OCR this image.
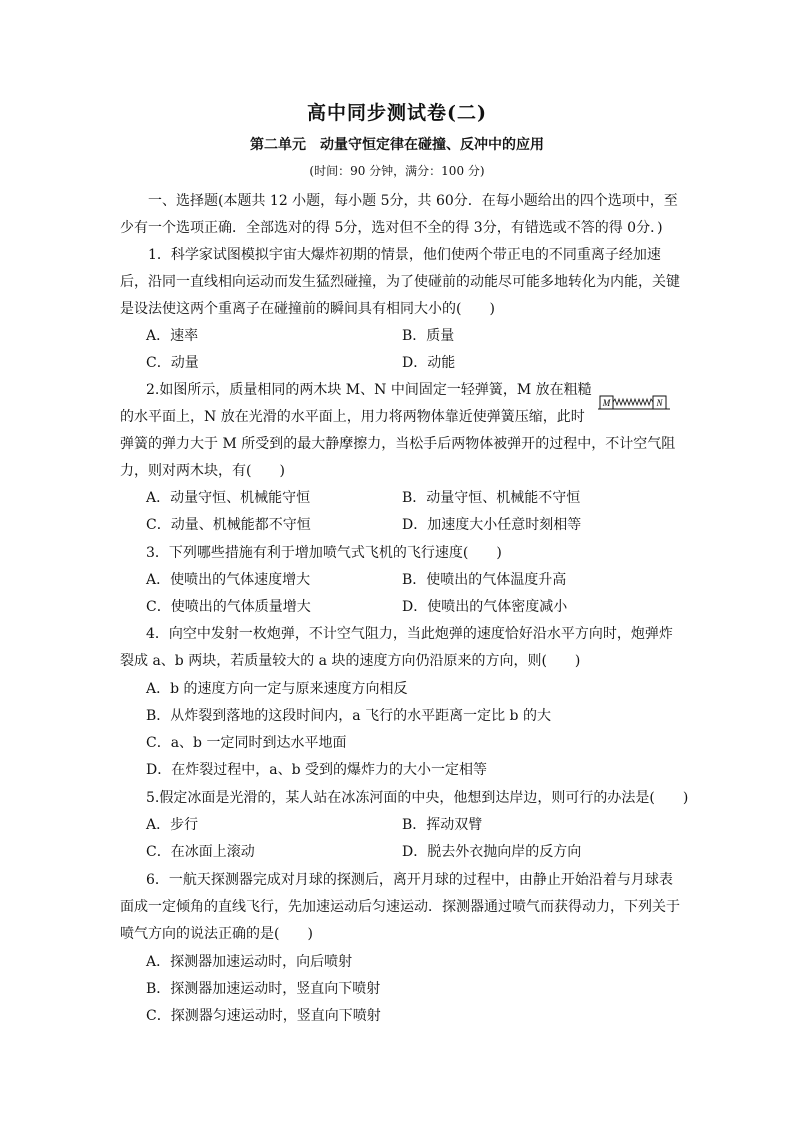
高中同步测试卷(二)
第二单元　动量守恒定律在碰撞、反冲中的应用
(时间：90 分钟，满分：100 分)
一、选择题(本题共 12 小题，每小题 5分，共 60分．在每小题给出的四个选项中，至少有一个选项正确．全部选对的得 5分，选对但不全的得 3分，有错选或不答的得 0分．)
1．科学家试图模拟宇宙大爆炸初期的情景，他们使两个带正电的不同重离子经加速后，沿同一直线相向运动而发生猛烈碰撞，为了使碰前的动能尽可能多地转化为内能，关键是设法使这两个重离子在碰撞前的瞬间具有相同大小的(　　)
A．速率	B．质量
C．动量	D．动能
2.如图所示，质量相同的两木块 M、N 中间固定一轻弹簧，M 放在粗糙
的水平面上，N 放在光滑的水平面上，用力将两物体靠近使弹簧压缩，此时
弹簧的弹力大于 M 所受到的最大静摩擦力，当松手后两物体被弹开的过程中，不计空气阻
力，则对两木块，有(　　)
M	N
A．动量守恒、机械能守恒	B．动量守恒、机械能不守恒
C．动量、机械能都不守恒	D．加速度大小任意时刻相等
3．下列哪些措施有利于增加喷气式飞机的飞行速度(　　)
A．使喷出的气体速度增大	B．使喷出的气体温度升高
C．使喷出的气体质量增大	D．使喷出的气体密度减小
4．向空中发射一枚炮弹，不计空气阻力，当此炮弹的速度恰好沿水平方向时，炮弹炸
裂成 a、b 两块，若质量较大的 a 块的速度方向仍沿原来的方向，则(　　)
A．b 的速度方向一定与原来速度方向相反
B．从炸裂到落地的这段时间内，a 飞行的水平距离一定比 b 的大
C．a、b 一定同时到达水平地面
D．在炸裂过程中，a、b 受到的爆炸力的大小一定相等
5.假定冰面是光滑的，某人站在冰冻河面的中央，他想到达岸边，则可行的办法是(　　)
A．步行	B．挥动双臂
C．在冰面上滚动	D．脱去外衣抛向岸的反方向
6．一航天探测器完成对月球的探测后，离开月球的过程中，由静止开始沿着与月球表
面成一定倾角的直线飞行，先加速运动后匀速运动．探测器通过喷气而获得动力，下列关于
喷气方向的说法正确的是(　　)
A．探测器加速运动时，向后喷射
B．探测器加速运动时，竖直向下喷射
C．探测器匀速运动时，竖直向下喷射
